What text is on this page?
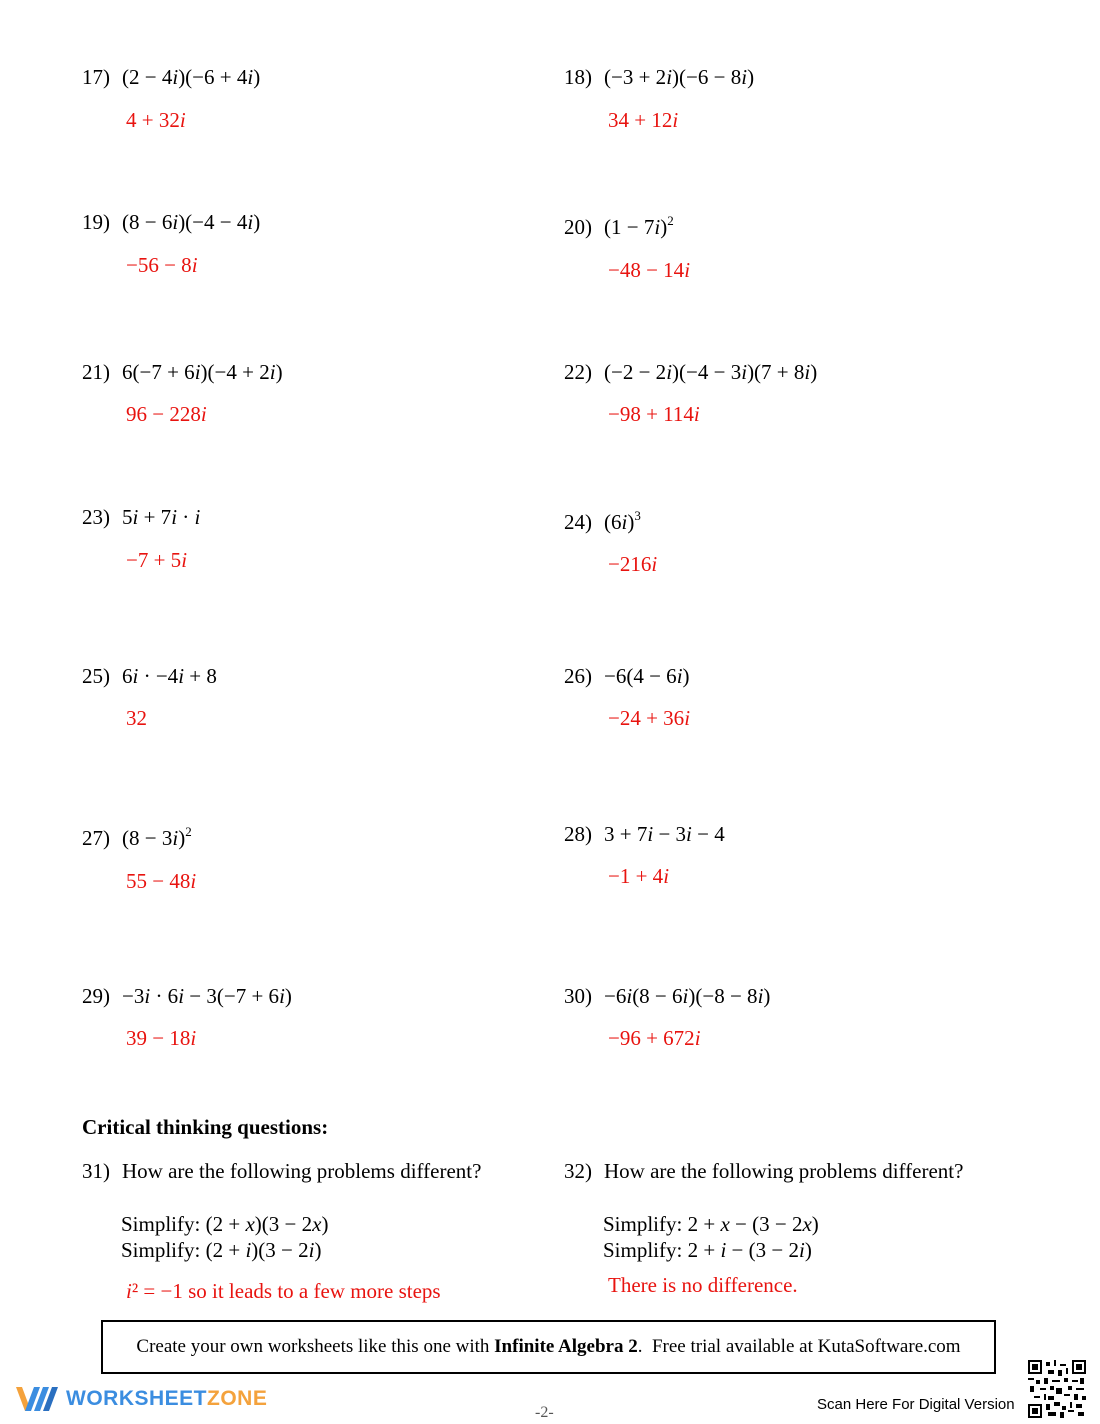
17) (2 − 4i)(−6 + 4i)
4 + 32i
18) (−3 + 2i)(−6 − 8i)
34 + 12i
19) (8 − 6i)(−4 − 4i)
−56 − 8i
20) $(1 - 7i)^2$
−48 − 14i
21) 6(−7 + 6i)(−4 + 2i)
96 − 228i
22) (−2 − 2i)(−4 − 3i)(7 + 8i)
−98 + 114i
23) 5i + 7i · i
−7 + 5i
24) $(6i)^3$
−216i
25) 6i · −4i + 8
32
26) −6(4 − 6i)
−24 + 36i
27) $(8 - 3i)^2$
55 − 48i
28) 3 + 7i − 3i − 4
−1 + 4i
29) −3i · 6i − 3(−7 + 6i)
39 − 18i
30) −6i(8 − 6i)(−8 − 8i)
−96 + 672i
Critical thinking questions:
31) How are the following problems different?
Simplify: (2 + x)(3 − 2x)
Simplify: (2 + i)(3 − 2i)
i² = −1 so it leads to a few more steps
32) How are the following problems different?
Simplify: 2 + x − (3 − 2x)
Simplify: 2 + i − (3 − 2i)
There is no difference.
Create your own worksheets like this one with Infinite Algebra 2 .  Free trial available at KutaSoftware.com
WORKSHEETZONE
-2-	Scan Here For Digital Version
